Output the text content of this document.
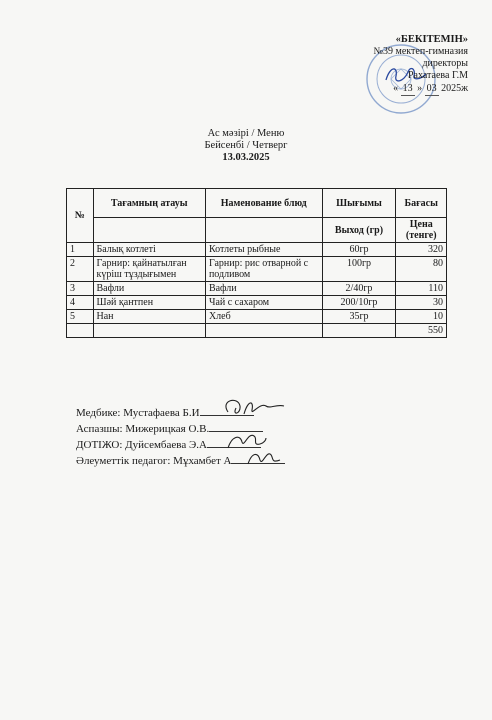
«БЕКІТЕМІН»
№39 мектеп-гимназия
директоры
Рахатаева Г.М
« 13 » 03 2025ж
Ас мәзірі / Меню
Бейсенбі / Четверг
13.03.2025
№	Тағамның атауы	Наменование блюд	Шығымы	Бағасы
			Выход (гр)	Цена (тенге)
1	Балық котлеті	Котлеты рыбные	60гр	320
2	Гарнир: қайнатылған күріш тұздығымен	Гарнир: рис отварной с подливом	100гр	80
3	Вафли	Вафли	2/40гр	110
4	Шәй қантпен	Чай с сахаром	200/10гр	30
5	Нан	Хлеб	35гр	10
				550
Медбике: Мустафаева Б.И
Аспазшы: Мижерицкая О.В.
ДОТІЖО: Дуйсембаева Э.А
Әлеуметтік педагог: Мұхамбет А
